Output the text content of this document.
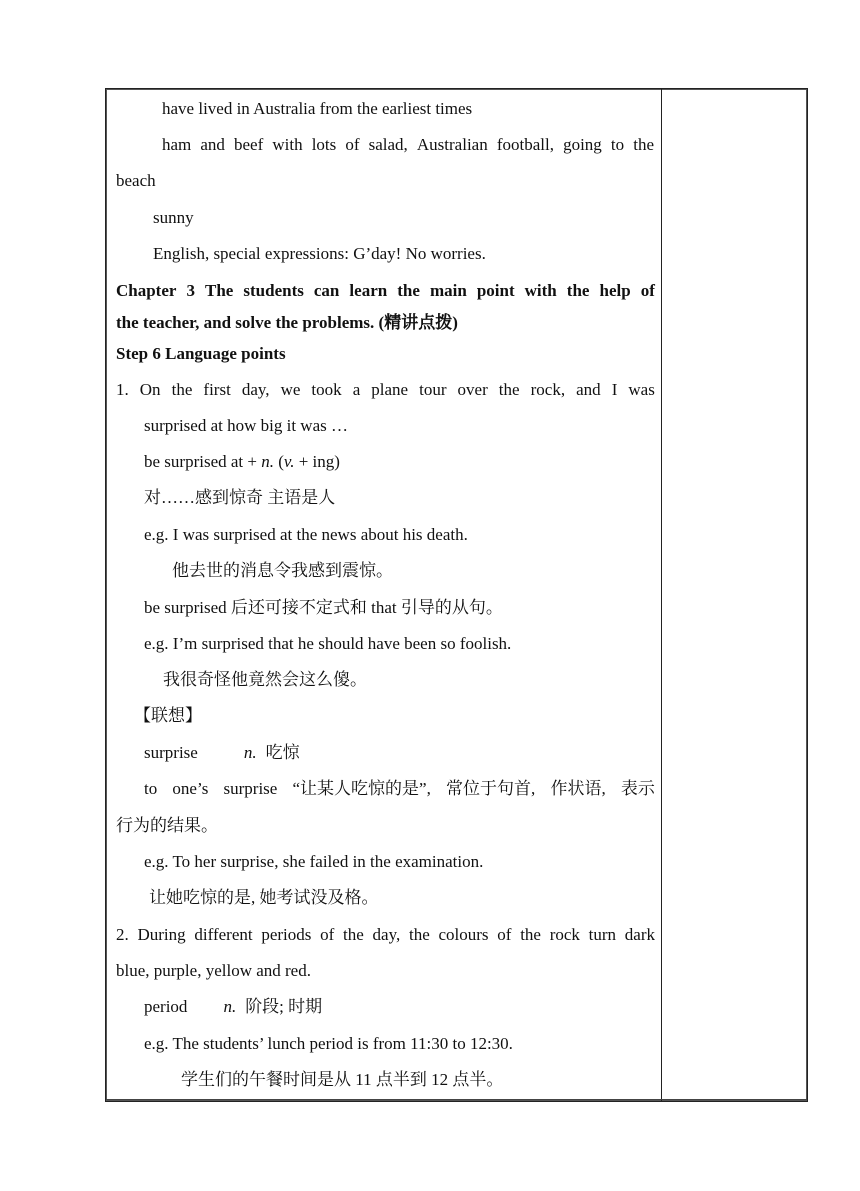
have lived in Australia from the earliest times
ham and beef with lots of salad, Australian football, going to the
beach
sunny
English, special expressions: G’day! No worries.
Chapter 3 The students can learn the main point with the help of
the teacher, and solve the problems. (精讲点拨)
Step 6 Language points
1. On the first day, we took a plane tour over the rock, and I was
surprised at how big it was …
be surprised at + n. (v. + ing)
对……感到惊奇 主语是人
e.g. I was surprised at the news about his death.
他去世的消息令我感到震惊。
be surprised 后还可接不定式和 that 引导的从句。
e.g. I’m surprised that he should have been so foolish.
我很奇怪他竟然会这么傻。
【联想】
surprise	n. 吃惊
to one’s surprise “让某人吃惊的是”, 常位于句首, 作状语, 表示
行为的结果。
e.g. To her surprise, she failed in the examination.
让她吃惊的是, 她考试没及格。
2. During different periods of the day, the colours of the rock turn dark
blue, purple, yellow and red.
period n. 阶段; 时期
e.g. The students’ lunch period is from 11:30 to 12:30.
学生们的午餐时间是从 11 点半到 12 点半。
